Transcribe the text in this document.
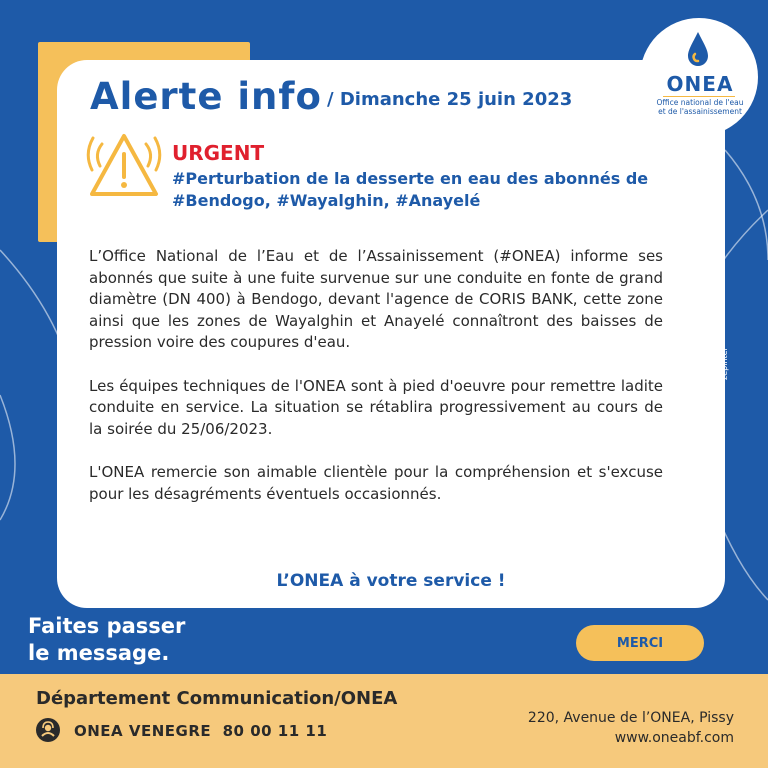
Alerte info / Dimanche 25 juin 2023
URGENT
#Perturbation de la desserte en eau des abonnés de #Bendogo, #Wayalghin, #Anayelé

L’Office National de l’Eau et de l’Assainissement (#ONEA) informe ses abonnés que suite à une fuite survenue sur une conduite en fonte de grand diamètre (DN 400) à Bendogo, devant l'agence de CORIS BANK, cette zone ainsi que les zones de Wayalghin et Anayelé connaîtront des baisses de pression voire des coupures d'eau.

Les équipes techniques de l'ONEA sont à pied d'oeuvre pour remettre ladite conduite en service. La situation se rétablira progressivement au cours de la soirée du 25/06/2023.

L'ONEA remercie son aimable clientèle pour la compréhension et s'excuse pour les désagréments éventuels occasionnés.

L’ONEA à votre service !
ONEA
Office national de l'eau
et de l'assainissement
zepintel
Faites passer
le message.	MERCI
Département Communication/ONEA
ONEA VENEGRE  80 00 11 11
220, Avenue de l’ONEA, Pissy
www.oneabf.com
